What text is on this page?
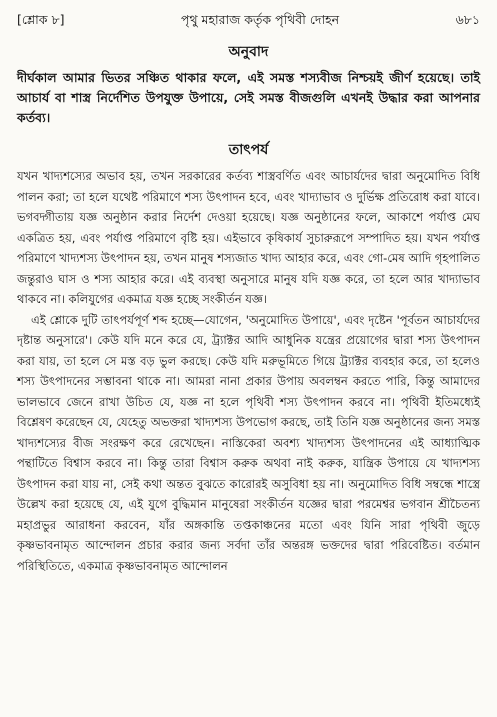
[শ্লোক ৮]	পৃথু মহারাজ কর্তৃক পৃথিবী দোহন	৬৮১
অনুবাদ

দীর্ঘকাল আমার ভিতর সঞ্চিত থাকার ফলে, এই সমস্ত শস্যবীজ নিশ্চয়ই জীর্ণ হয়েছে। তাই আচার্য বা শাস্ত্র নির্দেশিত উপযুক্ত উপায়ে, সেই সমস্ত বীজগুলি এখনই উদ্ধার করা আপনার কর্তব্য।

তাৎপর্য

যখন খাদ্যশস্যের অভাব হয়, তখন সরকারের কর্তব্য শাস্ত্রবর্ণিত এবং আচার্যদের দ্বারা অনুমোদিত বিধি পালন করা; তা হলে যথেষ্ট পরিমাণে শস্য উৎপাদন হবে, এবং খাদ্যাভাব ও দুর্ভিক্ষ প্রতিরোধ করা যাবে। ভগবদ্গীতায় যজ্ঞ অনুষ্ঠান করার নির্দেশ দেওয়া হয়েছে। যজ্ঞ অনুষ্ঠানের ফলে, আকাশে পর্যাপ্ত মেঘ একত্রিত হয়, এবং পর্যাপ্ত পরিমাণে বৃষ্টি হয়। এইভাবে কৃষিকার্য সুচারুরূপে সম্পাদিত হয়। যখন পর্যাপ্ত পরিমাণে খাদ্যশস্য উৎপাদন হয়, তখন মানুষ শস্যজাত খাদ্য আহার করে, এবং গো-মেষ আদি গৃহপালিত জন্তুরাও ঘাস ও শস্য আহার করে। এই ব্যবস্থা অনুসারে মানুষ যদি যজ্ঞ করে, তা হলে আর খাদ্যাভাব থাকবে না। কলিযুগের একমাত্র যজ্ঞ হচ্ছে সংকীর্তন যজ্ঞ।

এই শ্লোকে দুটি তাৎপর্যপূর্ণ শব্দ হচ্ছে—যোগেন, 'অনুমোদিত উপায়ে', এবং দৃষ্টেন 'পূর্বতন আচার্যদের দৃষ্টান্ত অনুসারে'। কেউ যদি মনে করে যে, ট্র্যাক্টর আদি আধুনিক যন্ত্রের প্রয়োগের দ্বারা শস্য উৎপাদন করা যায়, তা হলে সে মস্ত বড় ভুল করছে। কেউ যদি মরুভূমিতে গিয়ে ট্র্যাক্টর ব্যবহার করে, তা হলেও শস্য উৎপাদনের সম্ভাবনা থাকে না। আমরা নানা প্রকার উপায় অবলম্বন করতে পারি, কিন্তু আমাদের ভালভাবে জেনে রাখা উচিত যে, যজ্ঞ না হলে পৃথিবী শস্য উৎপাদন করবে না। পৃথিবী ইতিমধ্যেই বিশ্লেষণ করেছেন যে, যেহেতু অভক্তরা খাদ্যশস্য উপভোগ করছে, তাই তিনি যজ্ঞ অনুষ্ঠানের জন্য সমস্ত খাদ্যশস্যের বীজ সংরক্ষণ করে রেখেছেন। নাস্তিকেরা অবশ্য খাদ্যশস্য উৎপাদনের এই আধ্যাত্মিক পন্থাটিতে বিশ্বাস করবে না। কিন্তু তারা বিশ্বাস করুক অথবা নাই করুক, যান্ত্রিক উপায়ে যে খাদ্যশস্য উৎপাদন করা যায় না, সেই কথা অন্তত বুঝতে কারোরই অসুবিধা হয় না। অনুমোদিত বিধি সম্বন্ধে শাস্ত্রে উল্লেখ করা হয়েছে যে, এই যুগে বুদ্ধিমান মানুষেরা সংকীর্তন যজ্ঞের দ্বারা পরমেশ্বর ভগবান শ্রীচৈতন্য মহাপ্রভুর আরাধনা করবেন, যাঁর অঙ্গকান্তি তপ্তকাঞ্চনের মতো এবং যিনি সারা পৃথিবী জুড়ে কৃষ্ণভাবনামৃত আন্দোলন প্রচার করার জন্য সর্বদা তাঁর অন্তরঙ্গ ভক্তদের দ্বারা পরিবেষ্টিত। বর্তমান পরিস্থিতিতে, একমাত্র কৃষ্ণভাবনামৃত আন্দোলন
